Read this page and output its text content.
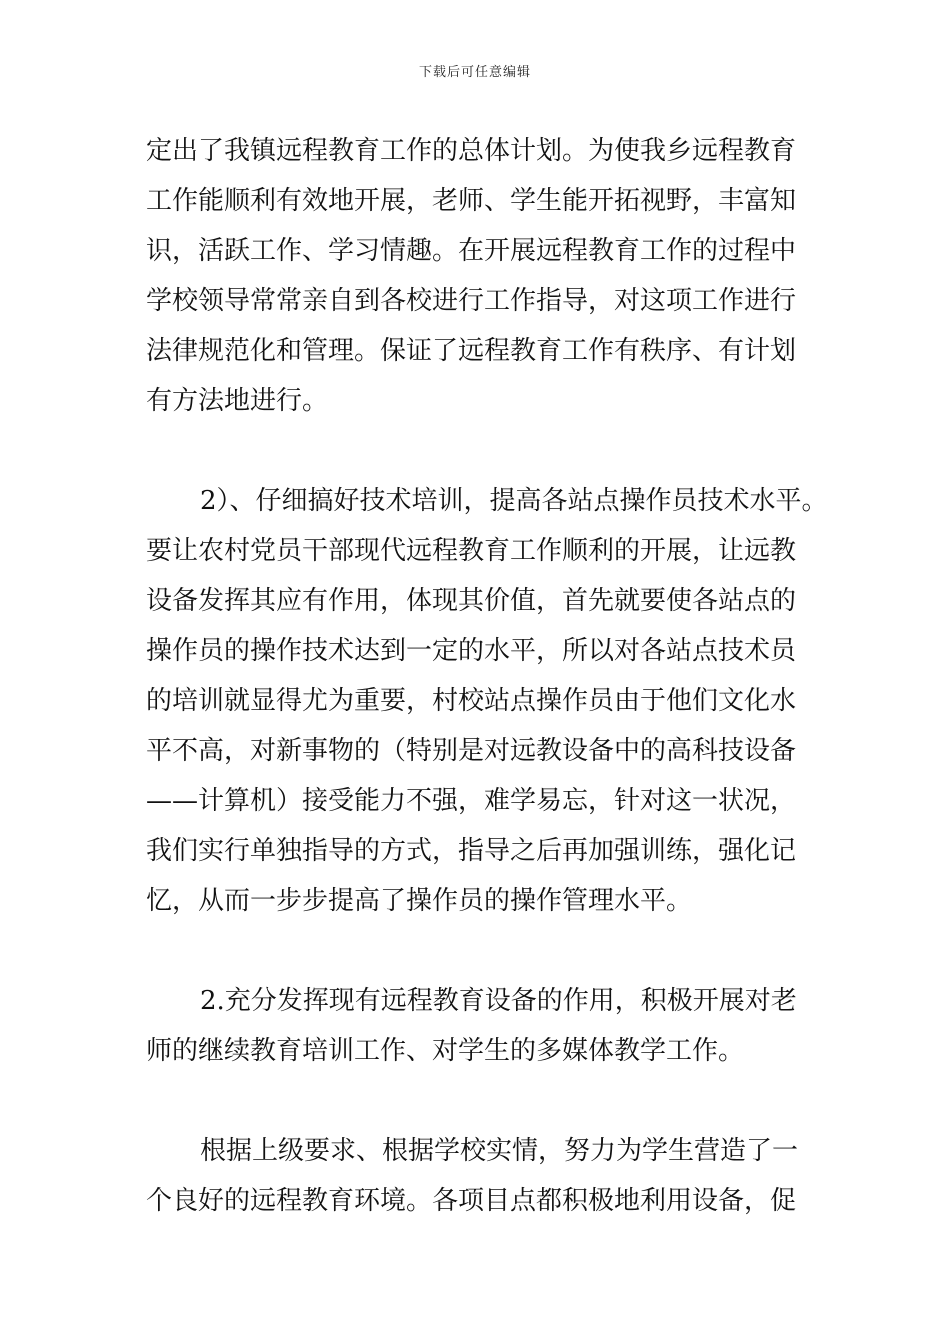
下载后可任意编辑
定出了我镇远程教育工作的总体计划。为使我乡远程教育
工作能顺利有效地开展，老师、学生能开拓视野，丰富知
识，活跃工作、学习情趣。在开展远程教育工作的过程中
学校领导常常亲自到各校进行工作指导，对这项工作进行
法律规范化和管理。保证了远程教育工作有秩序、有计划
有方法地进行。
2）、仔细搞好技术培训，提高各站点操作员技术水平。
要让农村党员干部现代远程教育工作顺利的开展，让远教
设备发挥其应有作用，体现其价值，首先就要使各站点的
操作员的操作技术达到一定的水平，所以对各站点技术员
的培训就显得尤为重要，村校站点操作员由于他们文化水
平不高，对新事物的（特别是对远教设备中的高科技设备
——计算机）接受能力不强，难学易忘，针对这一状况，
我们实行单独指导的方式，指导之后再加强训练，强化记
忆，从而一步步提高了操作员的操作管理水平。
2.充分发挥现有远程教育设备的作用，积极开展对老
师的继续教育培训工作、对学生的多媒体教学工作。
根据上级要求、根据学校实情，努力为学生营造了一
个良好的远程教育环境。各项目点都积极地利用设备，促
